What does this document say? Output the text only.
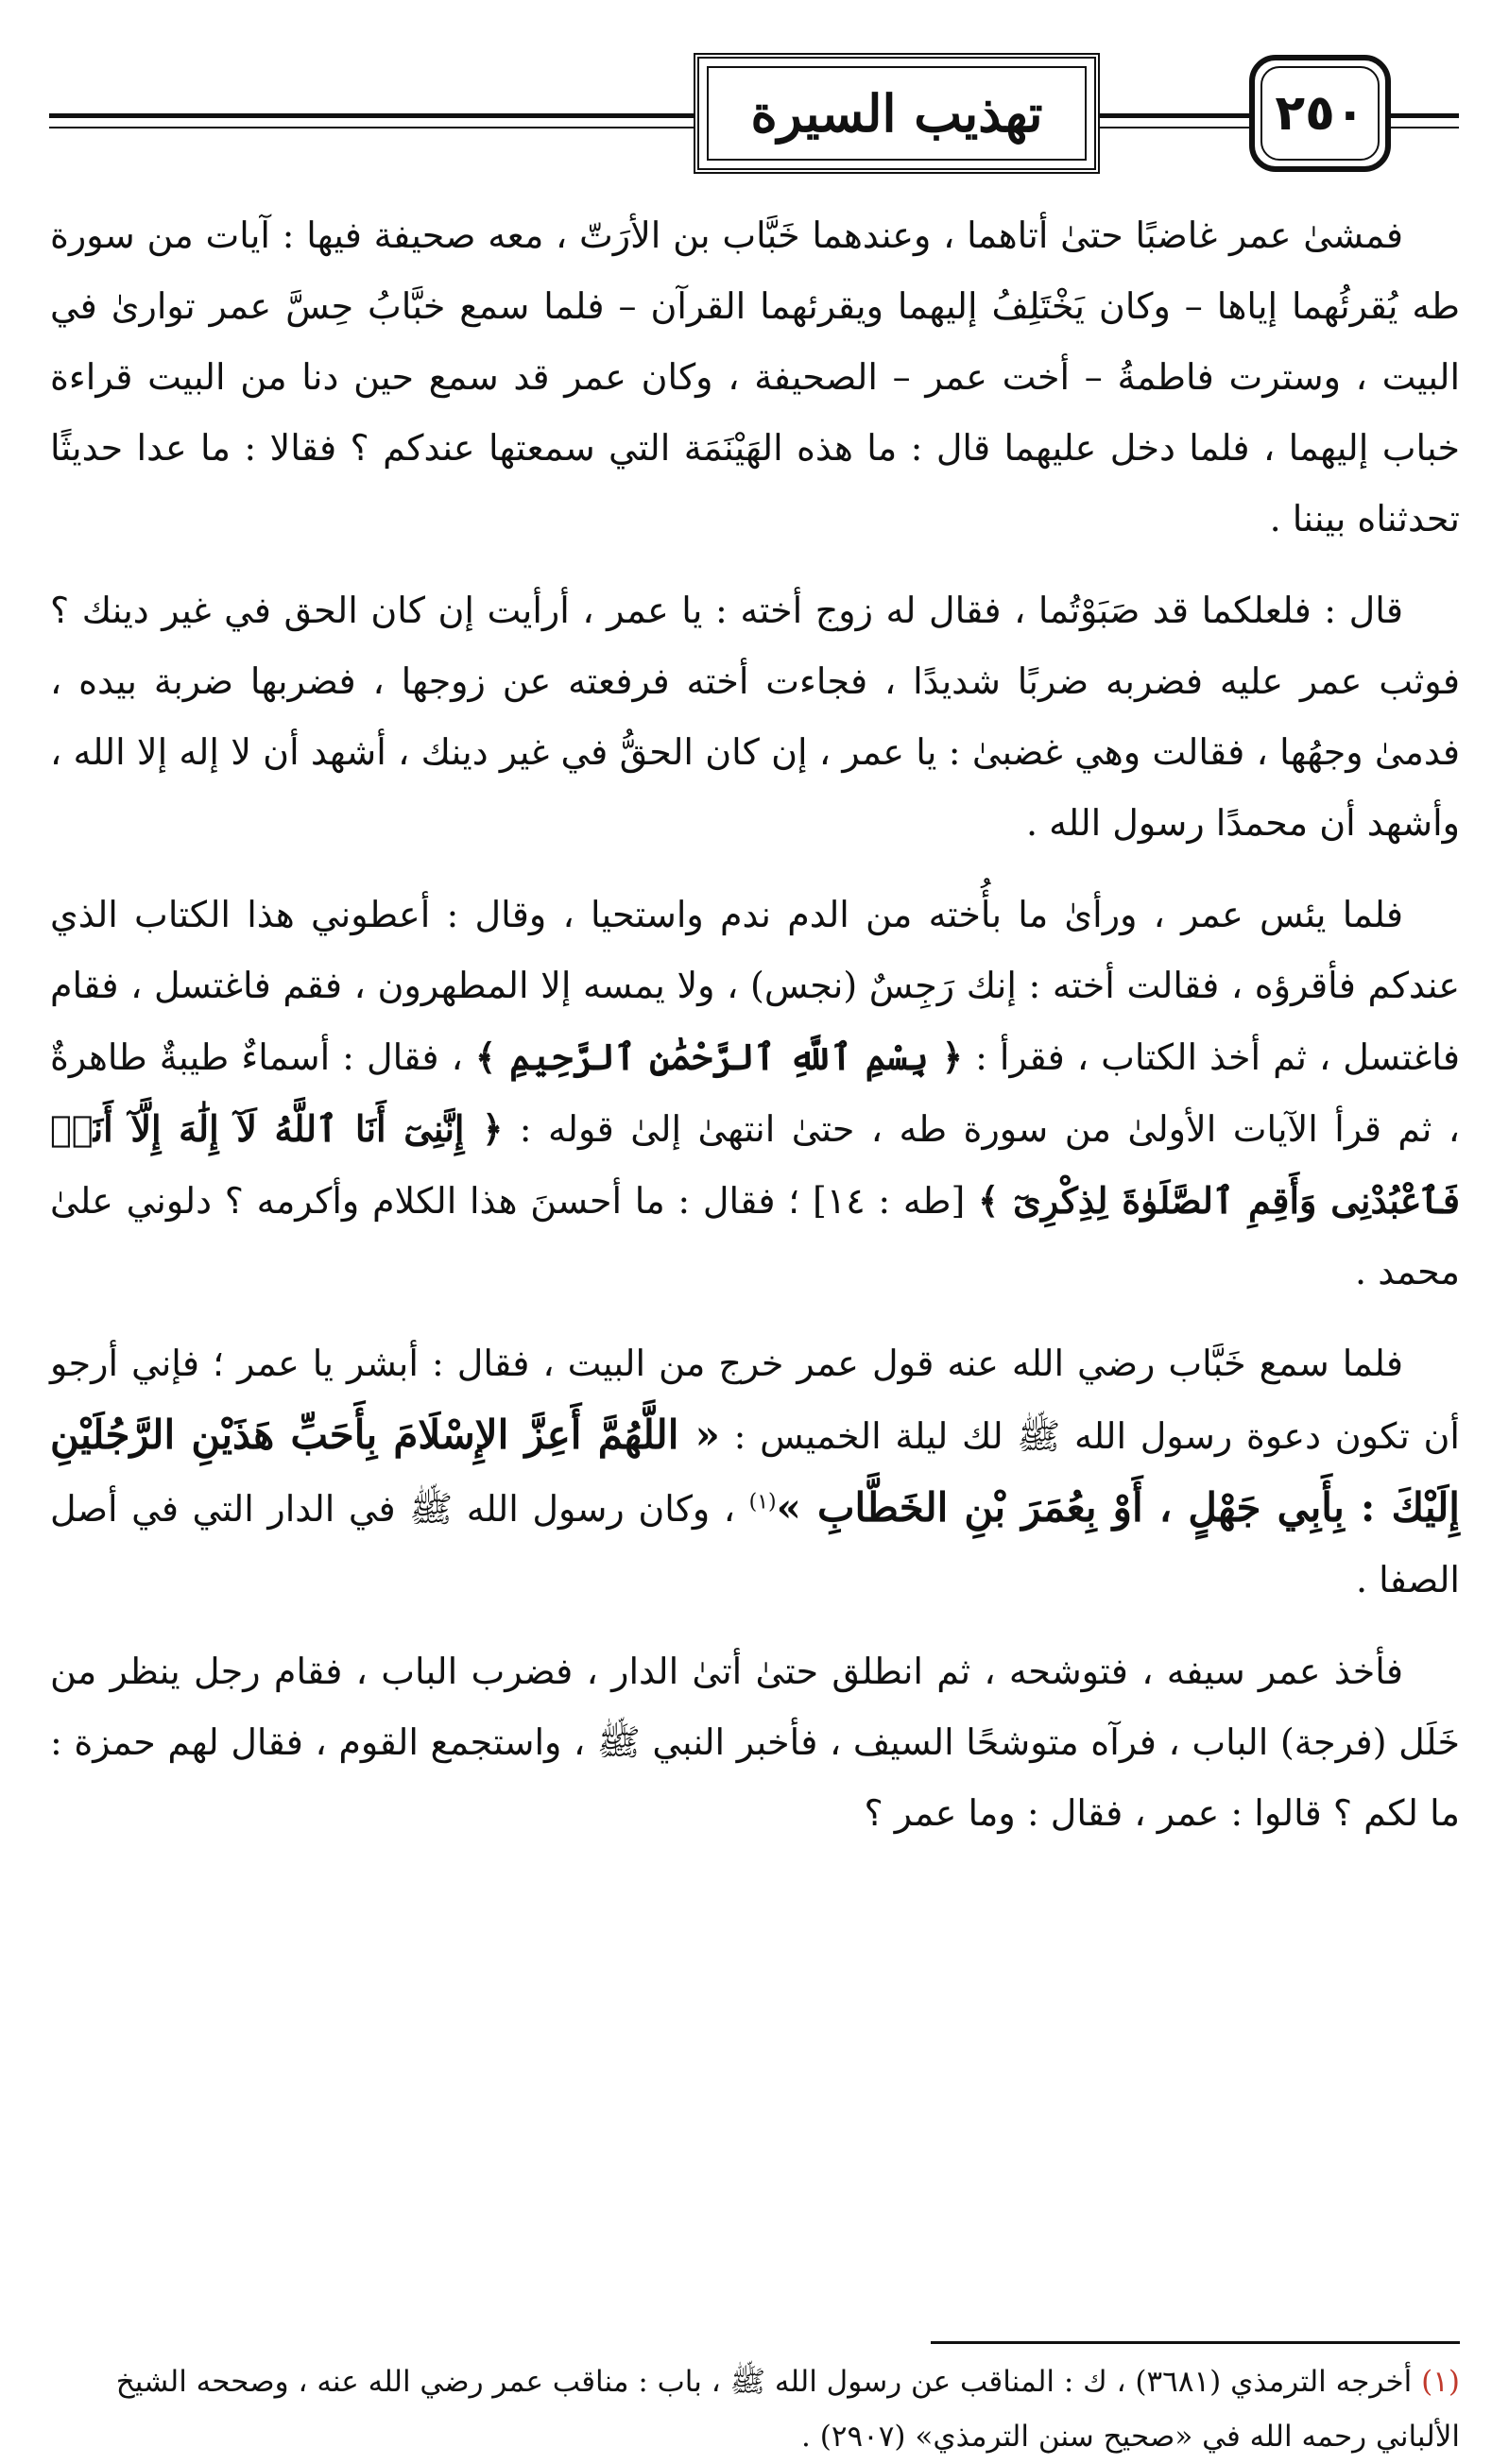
تهذيب السيرة	٢٥٠

فمشىٰ عمر غاضبًا حتىٰ أتاهما ، وعندهما خَبَّاب بن الأرَتّ ، معه صحيفة فيها : آيات من سورة طه يُقرئُهما إياها – وكان يَخْتَلِفُ إليهما ويقرئهما القرآن – فلما سمع خبَّابُ حِسَّ عمر توارىٰ في البيت ، وسترت فاطمةُ – أخت عمر – الصحيفة ، وكان عمر قد سمع حين دنا من البيت قراءة خباب إليهما ، فلما دخل عليهما قال : ما هذه الهَيْنَمَة التي سمعتها عندكم ؟ فقالا : ما عدا حديثًا تحدثناه بيننا .

قال : فلعلكما قد صَبَوْتُما ، فقال له زوج أخته : يا عمر ، أرأيت إن كان الحق في غير دينك ؟ فوثب عمر عليه فضربه ضربًا شديدًا ، فجاءت أخته فرفعته عن زوجها ، فضربها ضربة بيده ، فدمىٰ وجهُها ، فقالت وهي غضبىٰ : يا عمر ، إن كان الحقُّ في غير دينك ، أشهد أن لا إله إلا الله ، وأشهد أن محمدًا رسول الله .

فلما يئس عمر ، ورأىٰ ما بأُخته من الدم ندم واستحيا ، وقال : أعطوني هذا الكتاب الذي عندكم فأقرؤه ، فقالت أخته : إنك رَجِسٌ (نجس) ، ولا يمسه إلا المطهرون ، فقم فاغتسل ، فقام فاغتسل ، ثم أخذ الكتاب ، فقرأ : ﴿ بِسْمِ ٱللَّهِ ٱلرَّحْمَٰنِ ٱلرَّحِيمِ ﴾ ، فقال : أسماءٌ طيبةٌ طاهرةٌ ، ثم قرأ الآيات الأولىٰ من سورة طه ، حتىٰ انتهىٰ إلىٰ قوله : ﴿ إِنَّنِىٓ أَنَا ٱللَّهُ لَآ إِلَٰهَ إِلَّآ أَنَا۠ فَٱعْبُدْنِى وَأَقِمِ ٱلصَّلَوٰةَ لِذِكْرِىٓ ﴾ [طه : ١٤] ؛ فقال : ما أحسنَ هذا الكلام وأكرمه ؟ دلوني علىٰ محمد .

فلما سمع خَبَّاب رضي الله عنه قول عمر خرج من البيت ، فقال : أبشر يا عمر ؛ فإني أرجو أن تكون دعوة رسول الله ﷺ لك ليلة الخميس : « اللَّهُمَّ أَعِزَّ الإِسْلَامَ بِأَحَبِّ هَذَيْنِ الرَّجُلَيْنِ إِلَيْكَ : بِأَبِي جَهْلٍ ، أَوْ بِعُمَرَ بْنِ الخَطَّابِ »$^{(١)}$ ، وكان رسول الله ﷺ في الدار التي في أصل الصفا .

فأخذ عمر سيفه ، فتوشحه ، ثم انطلق حتىٰ أتىٰ الدار ، فضرب الباب ، فقام رجل ينظر من خَلَل (فرجة) الباب ، فرآه متوشحًا السيف ، فأخبر النبي ﷺ ، واستجمع القوم ، فقال لهم حمزة : ما لكم ؟ قالوا : عمر ، فقال : وما عمر ؟

(١) أخرجه الترمذي (٣٦٨١) ، ك : المناقب عن رسول الله ﷺ ، باب : مناقب عمر رضي الله عنه ، وصححه الشيخ الألباني رحمه الله في «صحيح سنن الترمذي» (٢٩٠٧) .
